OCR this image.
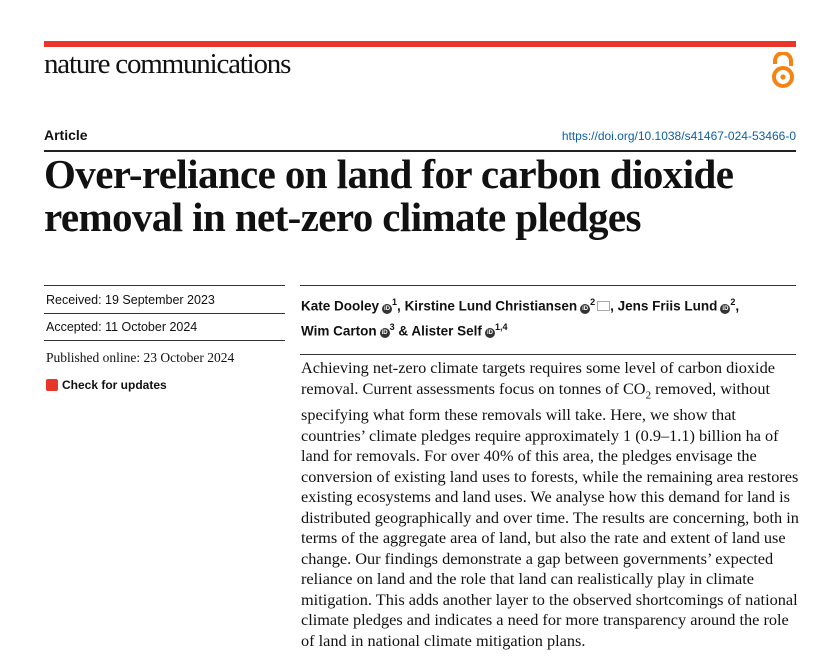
nature communications
Article	https://doi.org/10.1038/s41467-024-53466-0
Over-reliance on land for carbon dioxide removal in net-zero climate pledges
Received: 19 September 2023
Accepted: 11 October 2024
Published online: 23 October 2024
Check for updates
Kate Dooley $iD^1$, Kirstine Lund Christiansen $iD^2$ , Jens Friis Lund $iD^2$,
Wim Carton $iD^3$ & Alister Self iD$^{1,4}$

Achieving net-zero climate targets requires some level of carbon dioxide removal. Current assessments focus on tonnes of $CO_2$ removed, without specifying what form these removals will take. Here, we show that countries’ climate pledges require approximately 1 (0.9–1.1) billion ha of land for removals. For over 40% of this area, the pledges envisage the conversion of existing land uses to forests, while the remaining area restores existing ecosystems and land uses. We analyse how this demand for land is distributed geographically and over time. The results are concerning, both in terms of the aggregate area of land, but also the rate and extent of land use change. Our findings demonstrate a gap between governments’ expected reliance on land and the role that land can realistically play in climate mitigation. This adds another layer to the observed shortcomings of national climate pledges and indicates a need for more transparency around the role of land in national climate mitigation plans.
